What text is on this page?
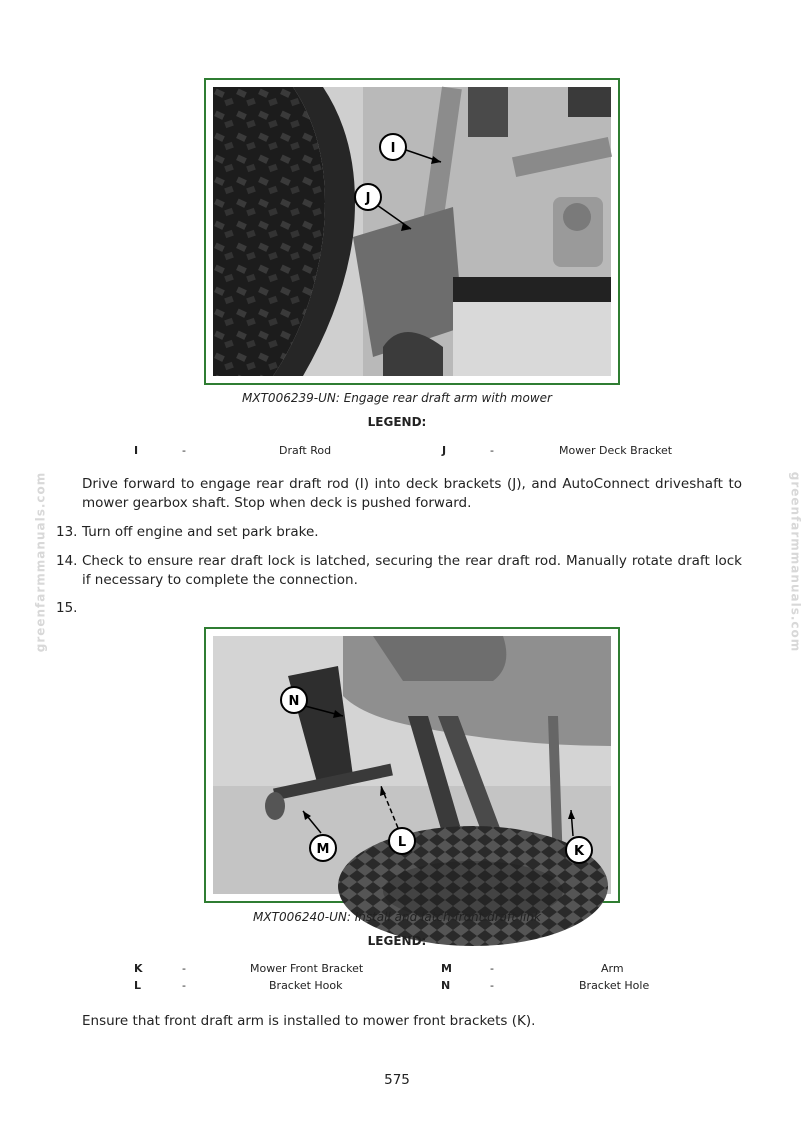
greenfarmmanuals.com	greenfarmmanuals.com
I
J
MXT006239-UN: Engage rear draft arm with mower
LEGEND:
I	-	Draft Rod	J	-	Mower Deck Bracket
Drive forward to engage rear draft rod (I) into deck brackets (J), and AutoConnect driveshaft to mower gearbox shaft. Stop when deck is pushed forward.
13. Turn off engine and set park brake.
14. Check to ensure rear draft lock is latched, securing the rear draft rod. Manually rotate draft lock if necessary to complete the connection.
15.
N
M	L
K
MXT006240-UN: Install and latch front draft link
LEGEND:
K	-	Mower Front Bracket	M	-	Arm
L	-	Bracket Hook	N	-	Bracket Hole
Ensure that front draft arm is installed to mower front brackets (K).
575
